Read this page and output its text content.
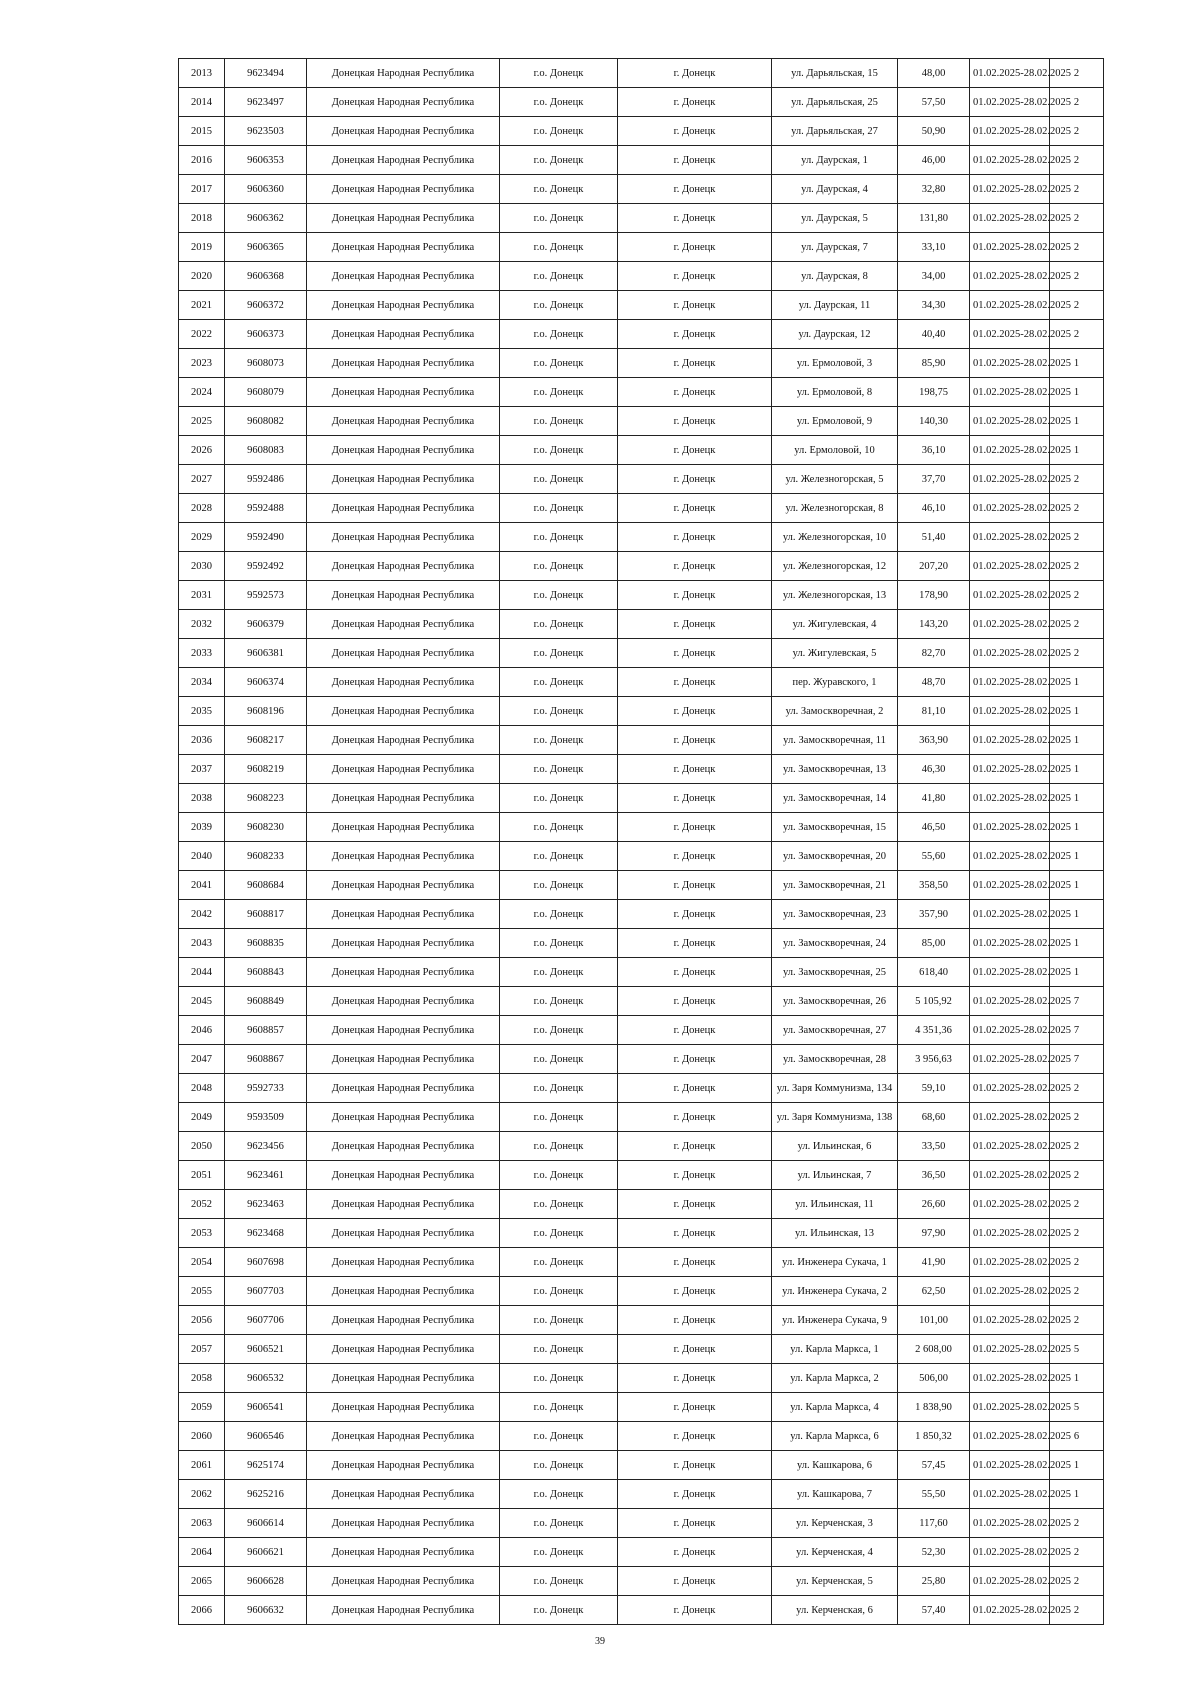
2013	9623494	Донецкая Народная Республика	г.о. Донецк	г. Донецк	ул. Дарьяльская, 15	48,00	01.02.2025-28.02.2025	2
2014	9623497	Донецкая Народная Республика	г.о. Донецк	г. Донецк	ул. Дарьяльская, 25	57,50	01.02.2025-28.02.2025	2
2015	9623503	Донецкая Народная Республика	г.о. Донецк	г. Донецк	ул. Дарьяльская, 27	50,90	01.02.2025-28.02.2025	2
2016	9606353	Донецкая Народная Республика	г.о. Донецк	г. Донецк	ул. Даурская, 1	46,00	01.02.2025-28.02.2025	2
2017	9606360	Донецкая Народная Республика	г.о. Донецк	г. Донецк	ул. Даурская, 4	32,80	01.02.2025-28.02.2025	2
2018	9606362	Донецкая Народная Республика	г.о. Донецк	г. Донецк	ул. Даурская, 5	131,80	01.02.2025-28.02.2025	2
2019	9606365	Донецкая Народная Республика	г.о. Донецк	г. Донецк	ул. Даурская, 7	33,10	01.02.2025-28.02.2025	2
2020	9606368	Донецкая Народная Республика	г.о. Донецк	г. Донецк	ул. Даурская, 8	34,00	01.02.2025-28.02.2025	2
2021	9606372	Донецкая Народная Республика	г.о. Донецк	г. Донецк	ул. Даурская, 11	34,30	01.02.2025-28.02.2025	2
2022	9606373	Донецкая Народная Республика	г.о. Донецк	г. Донецк	ул. Даурская, 12	40,40	01.02.2025-28.02.2025	2
2023	9608073	Донецкая Народная Республика	г.о. Донецк	г. Донецк	ул. Ермоловой, 3	85,90	01.02.2025-28.02.2025	1
2024	9608079	Донецкая Народная Республика	г.о. Донецк	г. Донецк	ул. Ермоловой, 8	198,75	01.02.2025-28.02.2025	1
2025	9608082	Донецкая Народная Республика	г.о. Донецк	г. Донецк	ул. Ермоловой, 9	140,30	01.02.2025-28.02.2025	1
2026	9608083	Донецкая Народная Республика	г.о. Донецк	г. Донецк	ул. Ермоловой, 10	36,10	01.02.2025-28.02.2025	1
2027	9592486	Донецкая Народная Республика	г.о. Донецк	г. Донецк	ул. Железногорская, 5	37,70	01.02.2025-28.02.2025	2
2028	9592488	Донецкая Народная Республика	г.о. Донецк	г. Донецк	ул. Железногорская, 8	46,10	01.02.2025-28.02.2025	2
2029	9592490	Донецкая Народная Республика	г.о. Донецк	г. Донецк	ул. Железногорская, 10	51,40	01.02.2025-28.02.2025	2
2030	9592492	Донецкая Народная Республика	г.о. Донецк	г. Донецк	ул. Железногорская, 12	207,20	01.02.2025-28.02.2025	2
2031	9592573	Донецкая Народная Республика	г.о. Донецк	г. Донецк	ул. Железногорская, 13	178,90	01.02.2025-28.02.2025	2
2032	9606379	Донецкая Народная Республика	г.о. Донецк	г. Донецк	ул. Жигулевская, 4	143,20	01.02.2025-28.02.2025	2
2033	9606381	Донецкая Народная Республика	г.о. Донецк	г. Донецк	ул. Жигулевская, 5	82,70	01.02.2025-28.02.2025	2
2034	9606374	Донецкая Народная Республика	г.о. Донецк	г. Донецк	пер. Журавского, 1	48,70	01.02.2025-28.02.2025	1
2035	9608196	Донецкая Народная Республика	г.о. Донецк	г. Донецк	ул. Замоскворечная, 2	81,10	01.02.2025-28.02.2025	1
2036	9608217	Донецкая Народная Республика	г.о. Донецк	г. Донецк	ул. Замоскворечная, 11	363,90	01.02.2025-28.02.2025	1
2037	9608219	Донецкая Народная Республика	г.о. Донецк	г. Донецк	ул. Замоскворечная, 13	46,30	01.02.2025-28.02.2025	1
2038	9608223	Донецкая Народная Республика	г.о. Донецк	г. Донецк	ул. Замоскворечная, 14	41,80	01.02.2025-28.02.2025	1
2039	9608230	Донецкая Народная Республика	г.о. Донецк	г. Донецк	ул. Замоскворечная, 15	46,50	01.02.2025-28.02.2025	1
2040	9608233	Донецкая Народная Республика	г.о. Донецк	г. Донецк	ул. Замоскворечная, 20	55,60	01.02.2025-28.02.2025	1
2041	9608684	Донецкая Народная Республика	г.о. Донецк	г. Донецк	ул. Замоскворечная, 21	358,50	01.02.2025-28.02.2025	1
2042	9608817	Донецкая Народная Республика	г.о. Донецк	г. Донецк	ул. Замоскворечная, 23	357,90	01.02.2025-28.02.2025	1
2043	9608835	Донецкая Народная Республика	г.о. Донецк	г. Донецк	ул. Замоскворечная, 24	85,00	01.02.2025-28.02.2025	1
2044	9608843	Донецкая Народная Республика	г.о. Донецк	г. Донецк	ул. Замоскворечная, 25	618,40	01.02.2025-28.02.2025	1
2045	9608849	Донецкая Народная Республика	г.о. Донецк	г. Донецк	ул. Замоскворечная, 26	5 105,92	01.02.2025-28.02.2025	7
2046	9608857	Донецкая Народная Республика	г.о. Донецк	г. Донецк	ул. Замоскворечная, 27	4 351,36	01.02.2025-28.02.2025	7
2047	9608867	Донецкая Народная Республика	г.о. Донецк	г. Донецк	ул. Замоскворечная, 28	3 956,63	01.02.2025-28.02.2025	7
2048	9592733	Донецкая Народная Республика	г.о. Донецк	г. Донецк	ул. Заря Коммунизма, 134	59,10	01.02.2025-28.02.2025	2
2049	9593509	Донецкая Народная Республика	г.о. Донецк	г. Донецк	ул. Заря Коммунизма, 138	68,60	01.02.2025-28.02.2025	2
2050	9623456	Донецкая Народная Республика	г.о. Донецк	г. Донецк	ул. Ильинская, 6	33,50	01.02.2025-28.02.2025	2
2051	9623461	Донецкая Народная Республика	г.о. Донецк	г. Донецк	ул. Ильинская, 7	36,50	01.02.2025-28.02.2025	2
2052	9623463	Донецкая Народная Республика	г.о. Донецк	г. Донецк	ул. Ильинская, 11	26,60	01.02.2025-28.02.2025	2
2053	9623468	Донецкая Народная Республика	г.о. Донецк	г. Донецк	ул. Ильинская, 13	97,90	01.02.2025-28.02.2025	2
2054	9607698	Донецкая Народная Республика	г.о. Донецк	г. Донецк	ул. Инженера Сукача, 1	41,90	01.02.2025-28.02.2025	2
2055	9607703	Донецкая Народная Республика	г.о. Донецк	г. Донецк	ул. Инженера Сукача, 2	62,50	01.02.2025-28.02.2025	2
2056	9607706	Донецкая Народная Республика	г.о. Донецк	г. Донецк	ул. Инженера Сукача, 9	101,00	01.02.2025-28.02.2025	2
2057	9606521	Донецкая Народная Республика	г.о. Донецк	г. Донецк	ул. Карла Маркса, 1	2 608,00	01.02.2025-28.02.2025	5
2058	9606532	Донецкая Народная Республика	г.о. Донецк	г. Донецк	ул. Карла Маркса, 2	506,00	01.02.2025-28.02.2025	1
2059	9606541	Донецкая Народная Республика	г.о. Донецк	г. Донецк	ул. Карла Маркса, 4	1 838,90	01.02.2025-28.02.2025	5
2060	9606546	Донецкая Народная Республика	г.о. Донецк	г. Донецк	ул. Карла Маркса, 6	1 850,32	01.02.2025-28.02.2025	6
2061	9625174	Донецкая Народная Республика	г.о. Донецк	г. Донецк	ул. Кашкарова, 6	57,45	01.02.2025-28.02.2025	1
2062	9625216	Донецкая Народная Республика	г.о. Донецк	г. Донецк	ул. Кашкарова, 7	55,50	01.02.2025-28.02.2025	1
2063	9606614	Донецкая Народная Республика	г.о. Донецк	г. Донецк	ул. Керченская, 3	117,60	01.02.2025-28.02.2025	2
2064	9606621	Донецкая Народная Республика	г.о. Донецк	г. Донецк	ул. Керченская, 4	52,30	01.02.2025-28.02.2025	2
2065	9606628	Донецкая Народная Республика	г.о. Донецк	г. Донецк	ул. Керченская, 5	25,80	01.02.2025-28.02.2025	2
2066	9606632	Донецкая Народная Республика	г.о. Донецк	г. Донецк	ул. Керченская, 6	57,40	01.02.2025-28.02.2025	2
39
